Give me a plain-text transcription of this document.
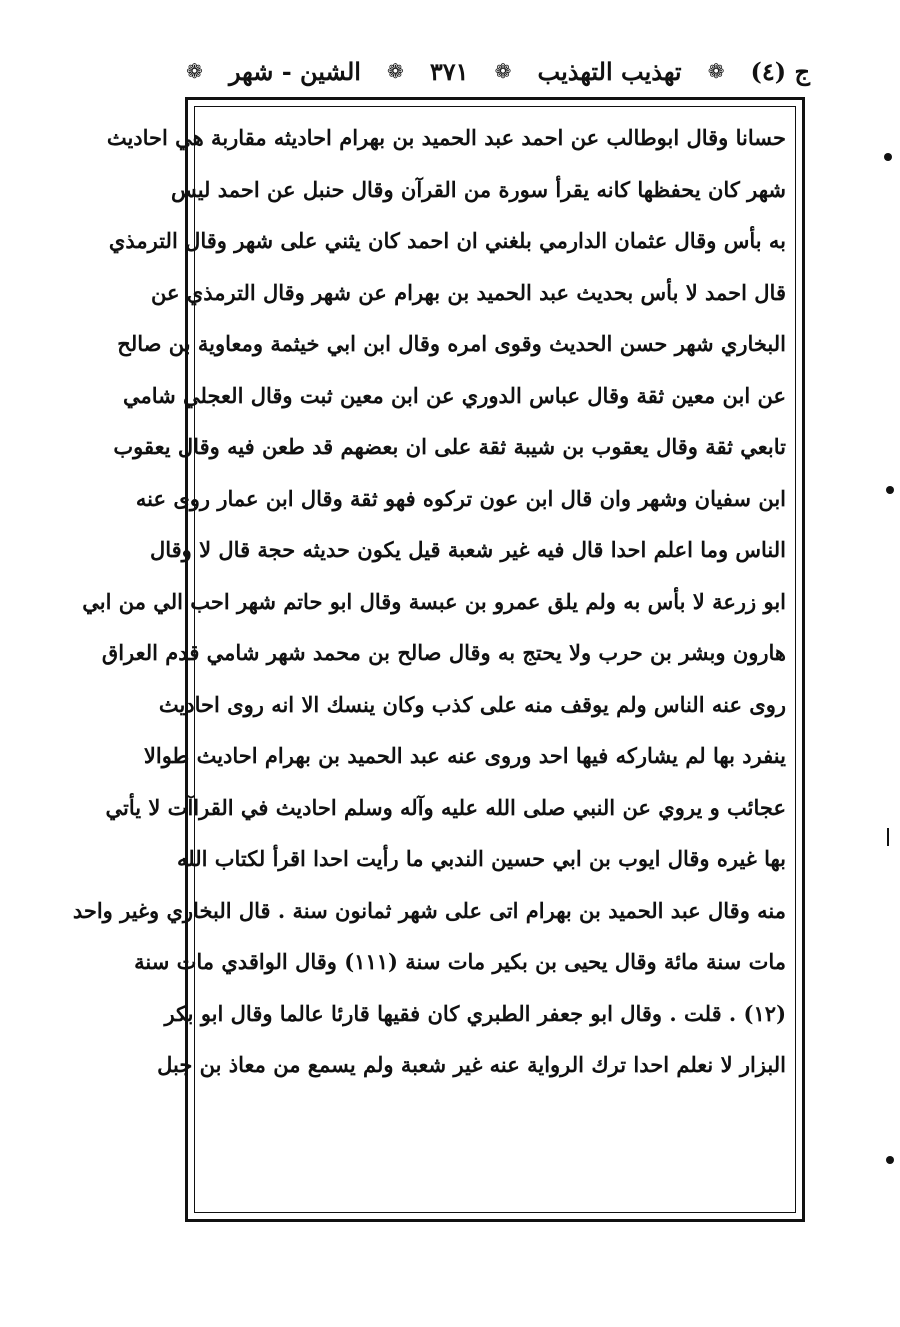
ج (٤)
❁
تهذيب التهذيب
❁
٣٧١
❁
الشين - شهر
❁
حسانا وقال ابوطالب عن احمد عبد الحميد بن بهرام احاديثه مقاربة هي احاديث
شهر كان يحفظها كانه يقرأ سورة من القرآن وقال حنبل عن احمد ليس
به بأس وقال عثمان الدارمي بلغني ان احمد كان يثني على شهر وقال الترمذي
قال احمد لا بأس بحديث عبد الحميد بن بهرام عن شهر وقال الترمذي عن
البخاري شهر حسن الحديث وقوى امره وقال ابن ابي خيثمة ومعاوية بن صالح
عن ابن معين ثقة وقال عباس الدوري عن ابن معين ثبت وقال العجلي شامي
تابعي ثقة وقال يعقوب بن شيبة ثقة على ان بعضهم قد طعن فيه وقال يعقوب
ابن سفيان وشهر وان قال ابن عون تركوه فهو ثقة وقال ابن عمار روى عنه
الناس وما اعلم احدا قال فيه غير شعبة قيل يكون حديثه حجة قال لا وقال
ابو زرعة لا بأس به ولم يلق عمرو بن عبسة وقال ابو حاتم شهر احب الي من ابي
هارون وبشر بن حرب ولا يحتج به وقال صالح بن محمد شهر شامي قدم العراق
روى عنه الناس ولم يوقف منه على كذب وكان ينسك الا انه روى احاديث
ينفرد بها لم يشاركه فيها احد وروى عنه عبد الحميد بن بهرام احاديث طوالا
عجائب و يروي عن النبي صلى الله عليه وآله وسلم احاديث في القراآت لا يأتي
بها غيره وقال ايوب بن ابي حسين الندبي ما رأيت احدا اقرأ لكتاب الله
منه وقال عبد الحميد بن بهرام اتى على شهر ثمانون سنة . قال البخاري وغير واحد
مات سنة مائة وقال يحيى بن بكير مات سنة (١١١) وقال الواقدي مات سنة
(١٢) . قلت . وقال ابو جعفر الطبري كان فقيها قارئا عالما وقال ابو بكر
البزار لا نعلم احدا ترك الرواية عنه غير شعبة ولم يسمع من معاذ بن جبل
